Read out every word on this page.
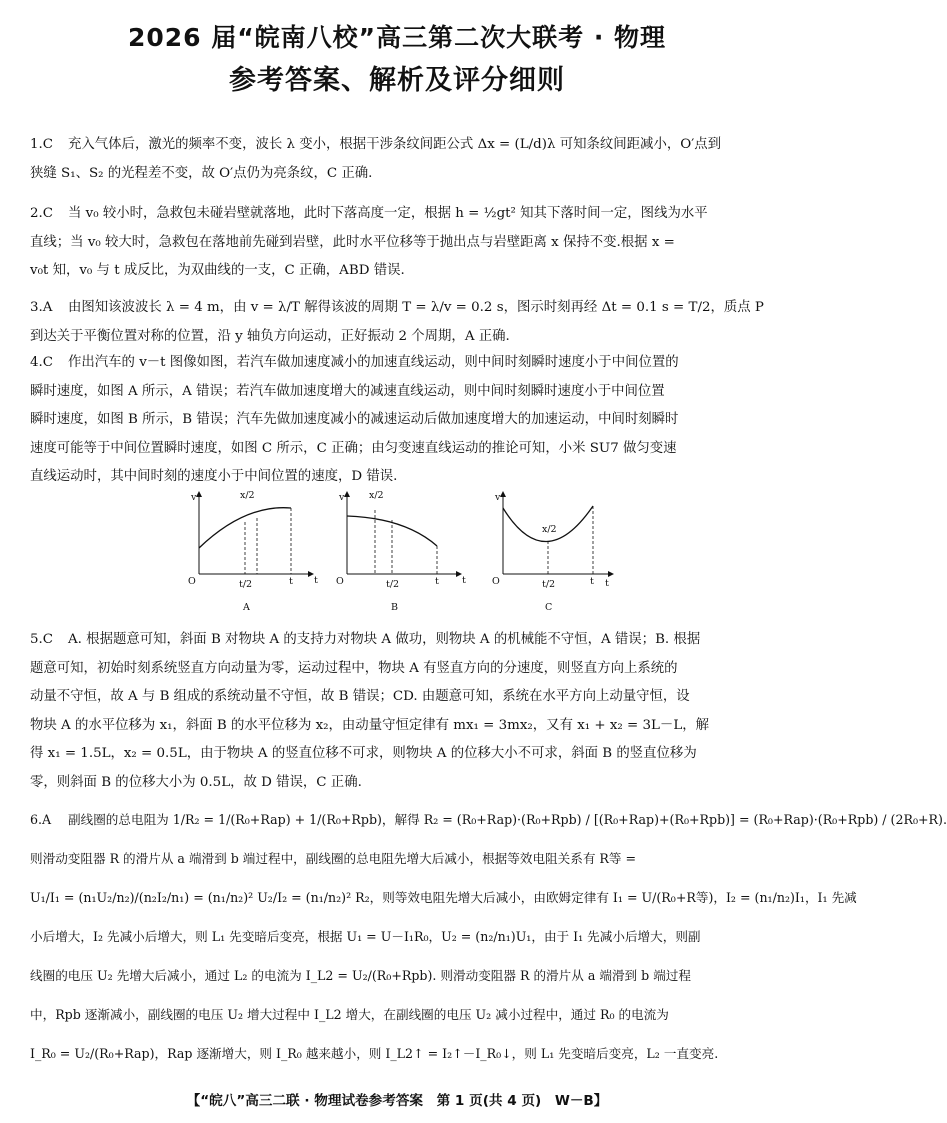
2026 届“皖南八校”高三第二次大联考 · 物理
参考答案、解析及评分细则
1.C 充入气体后，激光的频率不变，波长 λ 变小，根据干涉条纹间距公式 Δx = (L/d)λ 可知条纹间距减小，O′点到
狭缝 S₁、S₂ 的光程差不变，故 O′点仍为亮条纹，C 正确.
2.C 当 v₀ 较小时，急救包未碰岩壁就落地，此时下落高度一定，根据 h = ½gt² 知其下落时间一定，图线为水平
直线；当 v₀ 较大时，急救包在落地前先碰到岩壁，此时水平位移等于抛出点与岩壁距离 x 保持不变.根据 x =
v₀t 知，v₀ 与 t 成反比，为双曲线的一支，C 正确，ABD 错误.
3.A 由图知该波波长 λ = 4 m，由 v = λ/T 解得该波的周期 T = λ/v = 0.2 s，图示时刻再经 Δt = 0.1 s = T/2，质点 P
到达关于平衡位置对称的位置，沿 y 轴负方向运动，正好振动 2 个周期，A 正确.
4.C 作出汽车的 v－t 图像如图，若汽车做加速度减小的加速直线运动，则中间时刻瞬时速度小于中间位置的
瞬时速度，如图 A 所示，A 错误；若汽车做加速度增大的减速直线运动，则中间时刻瞬时速度小于中间位置
瞬时速度，如图 B 所示，B 错误；汽车先做加速度减小的减速运动后做加速度增大的加速运动，中间时刻瞬时
速度可能等于中间位置瞬时速度，如图 C 所示，C 正确；由匀变速直线运动的推论可知，小米 SU7 做匀变速
直线运动时，其中间时刻的速度小于中间位置的速度，D 错误.
v
O	t
t
x/2
t/2
A
v
O	t
t
x/2
t/2
B
v
O	t
t
x/2
t/2
C
5.C A. 根据题意可知，斜面 B 对物块 A 的支持力对物块 A 做功，则物块 A 的机械能不守恒，A 错误；B. 根据
题意可知，初始时刻系统竖直方向动量为零，运动过程中，物块 A 有竖直方向的分速度，则竖直方向上系统的
动量不守恒，故 A 与 B 组成的系统动量不守恒，故 B 错误；CD. 由题意可知，系统在水平方向上动量守恒，设
物块 A 的水平位移为 x₁，斜面 B 的水平位移为 x₂，由动量守恒定律有 mx₁ = 3mx₂，又有 x₁ + x₂ = 3L－L，解
得 x₁ = 1.5L，x₂ = 0.5L，由于物块 A 的竖直位移不可求，则物块 A 的位移大小不可求，斜面 B 的竖直位移为
零，则斜面 B 的位移大小为 0.5L，故 D 错误，C 正确.
6.A 副线圈的总电阻为 1/R₂ = 1/(R₀+Rap) + 1/(R₀+Rpb)，解得 R₂ = (R₀+Rap)·(R₀+Rpb) / [(R₀+Rap)+(R₀+Rpb)] = (R₀+Rap)·(R₀+Rpb) / (2R₀+R).
则滑动变阻器 R 的滑片从 a 端滑到 b 端过程中，副线圈的总电阻先增大后减小，根据等效电阻关系有 R等 =
U₁/I₁ = (n₁U₂/n₂)/(n₂I₂/n₁) = (n₁/n₂)² U₂/I₂ = (n₁/n₂)² R₂，则等效电阻先增大后减小，由欧姆定律有 I₁ = U/(R₀+R等)，I₂ = (n₁/n₂)I₁，I₁ 先减
小后增大，I₂ 先减小后增大，则 L₁ 先变暗后变亮，根据 U₁ = U－I₁R₀，U₂ = (n₂/n₁)U₁，由于 I₁ 先减小后增大，则副
线圈的电压 U₂ 先增大后减小，通过 L₂ 的电流为 I_L2 = U₂/(R₀+Rpb). 则滑动变阻器 R 的滑片从 a 端滑到 b 端过程
中，Rpb 逐渐减小，副线圈的电压 U₂ 增大过程中 I_L2 增大，在副线圈的电压 U₂ 减小过程中，通过 R₀ 的电流为
I_R₀ = U₂/(R₀+Rap)，Rap 逐渐增大，则 I_R₀ 越来越小，则 I_L2↑ = I₂↑－I_R₀↓，则 L₁ 先变暗后变亮，L₂ 一直变亮.
【“皖八”高三二联 · 物理试卷参考答案　第 1 页(共 4 页)　W－B】
